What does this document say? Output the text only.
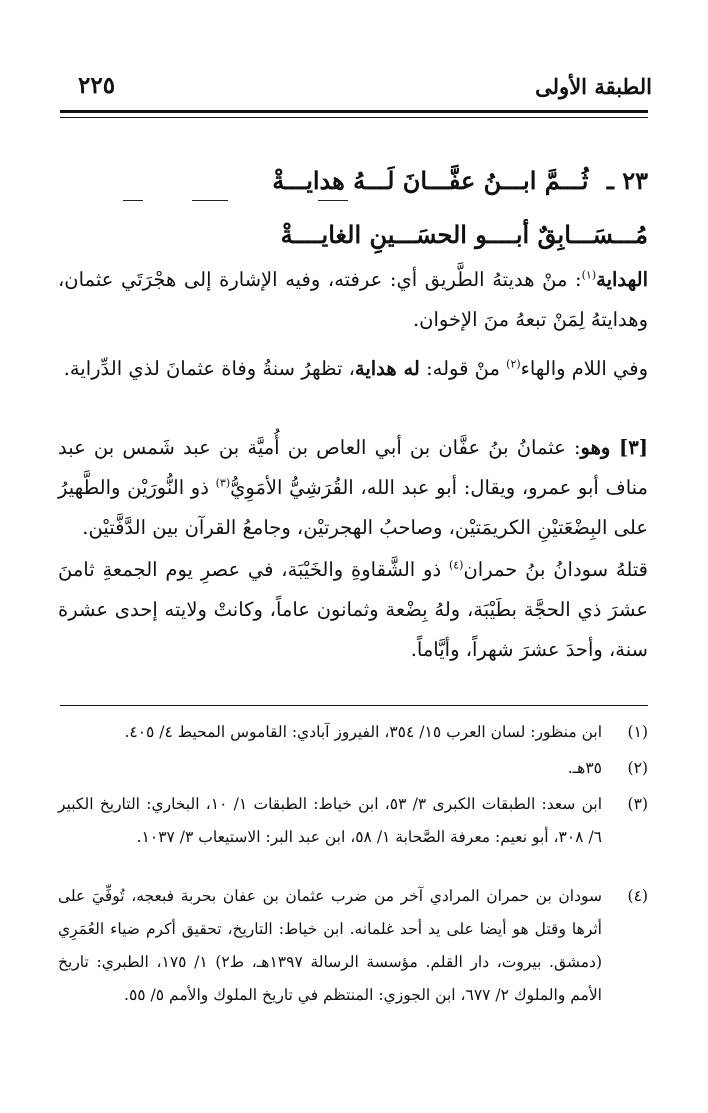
الطبقة الأولى
٢٢٥
٢٣ ـ ثُـــمَّ ابـــنُ عفَّـــانَ لَـــهُ هدايـــةْ
مُـــسَـــابِقٌ أبــــو الحسَـــينِ الغايــــةْ
الهداية$^{(١)}$: منْ هديتهُ الطَّريق أي: عرفته، وفيه الإشارة إلى هجْرَتَي عثمان، وهدايتهُ لِمَنْ تبعهُ منَ الإخوان.
وفي اللام والهاء$^{(٢)}$ منْ قوله: له هداية، تظهرُ سنةُ وفاة عثمانَ لذي الدِّراية.
[٣] وهو: عثمانُ بنُ عفَّان بن أبي العاص بن أُميَّة بن عبد شَمس بن عبد مناف أبو عمرو، ويقال: أبو عبد الله، القُرَشِيُّ الأمَوِيُّ$^{(٣)}$ ذو النُّورَيْن والطَّهيرُ على البِضْعَتيْنِ الكريمَتيْن، وصاحبُ الهجرتيْن، وجامعُ القرآن بين الدَّفَّتيْن.
قتلهُ سودانُ بنُ حمران$^{(٤)}$ ذو الشَّقاوةِ والخَيْبَة، في عصرِ يوم الجمعةِ ثامنَ عشرَ ذي الحجَّة بطَيْبَة، ولهُ بِضْعة وثمانون عاماً، وكانتْ ولايته إحدى عشرة سنة، وأحدَ عشرَ شهراً، وأيَّاماً.
(١)
ابن منظور: لسان العرب ١٥/ ٣٥٤، الفيروز آبادي: القاموس المحيط ٤/ ٤٠٥.
(٢)
٣٥هـ.
(٣)
ابن سعد: الطبقات الكبرى ٣/ ٥٣، ابن خياط: الطبقات ١/ ١٠، البخاري: التاريخ الكبير ٦/ ٣٠٨، أبو نعيم: معرفة الصَّحابة ١/ ٥٨، ابن عبد البر: الاستيعاب ٣/ ١٠٣٧.
(٤)
سودان بن حمران المرادي آخر من ضرب عثمان بن عفان بحربة فبعجه، تُوفِّيَ على أثرها وقتل هو أيضا على يد أحد غلمانه. ابن خياط: التاريخ، تحقيق أكرم ضياء العُمَرِي (دمشق. بيروت، دار القلم. مؤسسة الرسالة ١٣٩٧هـ، ط٢) ١/ ١٧٥، الطبري: تاريخ الأمم والملوك ٢/ ٦٧٧، ابن الجوزي: المنتظم في تاريخ الملوك والأمم ٥/ ٥٥.
